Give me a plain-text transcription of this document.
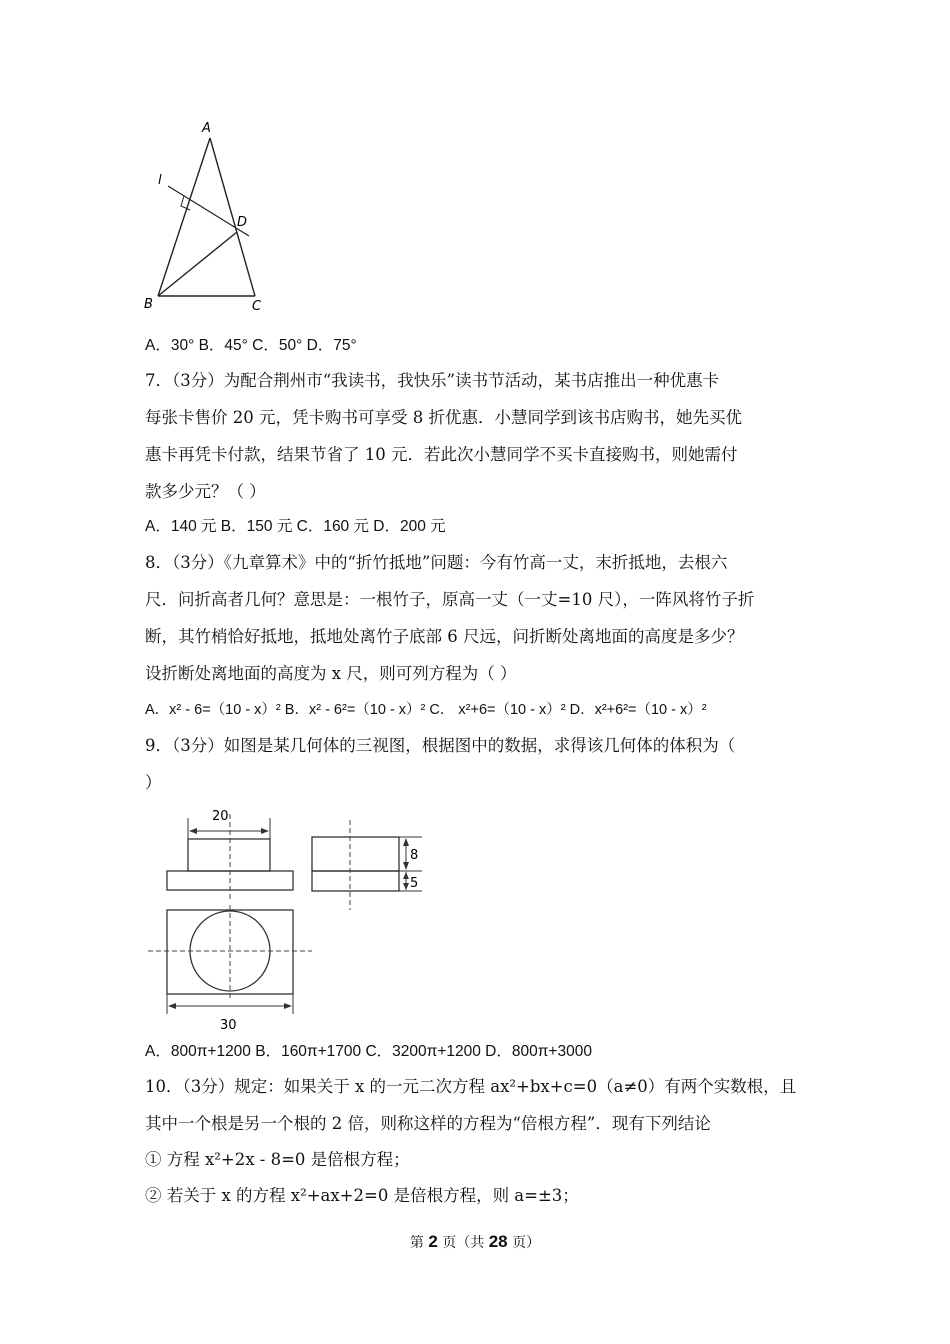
A
l
D
B	C
A．30° B．45° C．50° D．75°
7．（3分）为配合荆州市“我读书，我快乐”读书节活动，某书店推出一种优惠卡
每张卡售价 20 元，凭卡购书可享受 8 折优惠．小慧同学到该书店购书，她先买优
惠卡再凭卡付款，结果节省了 10 元．若此次小慧同学不买卡直接购书，则她需付
款多少元？（ ）
A．140 元 B．150 元 C．160 元 D．200 元
8．（3分）《九章算术》中的“折竹抵地”问题：今有竹高一丈，末折抵地，去根六
尺．问折高者几何？意思是：一根竹子，原高一丈（一丈=10 尺），一阵风将竹子折
断，其竹梢恰好抵地，抵地处离竹子底部 6 尺远，问折断处离地面的高度是多少？
设折断处离地面的高度为 x 尺，则可列方程为（ ）
A．x² - 6=（10 - x）² B．x² - 6²=（10 - x）² C． x²+6=（10 - x）² D．x²+6²=（10 - x）²
9．（3分）如图是某几何体的三视图，根据图中的数据，求得该几何体的体积为（
）
20
8
5
30
A．800π+1200 B．160π+1700 C．3200π+1200 D．800π+3000
10．（3分）规定：如果关于 x 的一元二次方程 ax²+bx+c=0（a≠0）有两个实数根，且
其中一个根是另一个根的 2 倍，则称这样的方程为“倍根方程”．现有下列结论
① 方程 x²+2x - 8=0 是倍根方程；
② 若关于 x 的方程 x²+ax+2=0 是倍根方程，则 a=±3；
第 2 页（共 28 页）
